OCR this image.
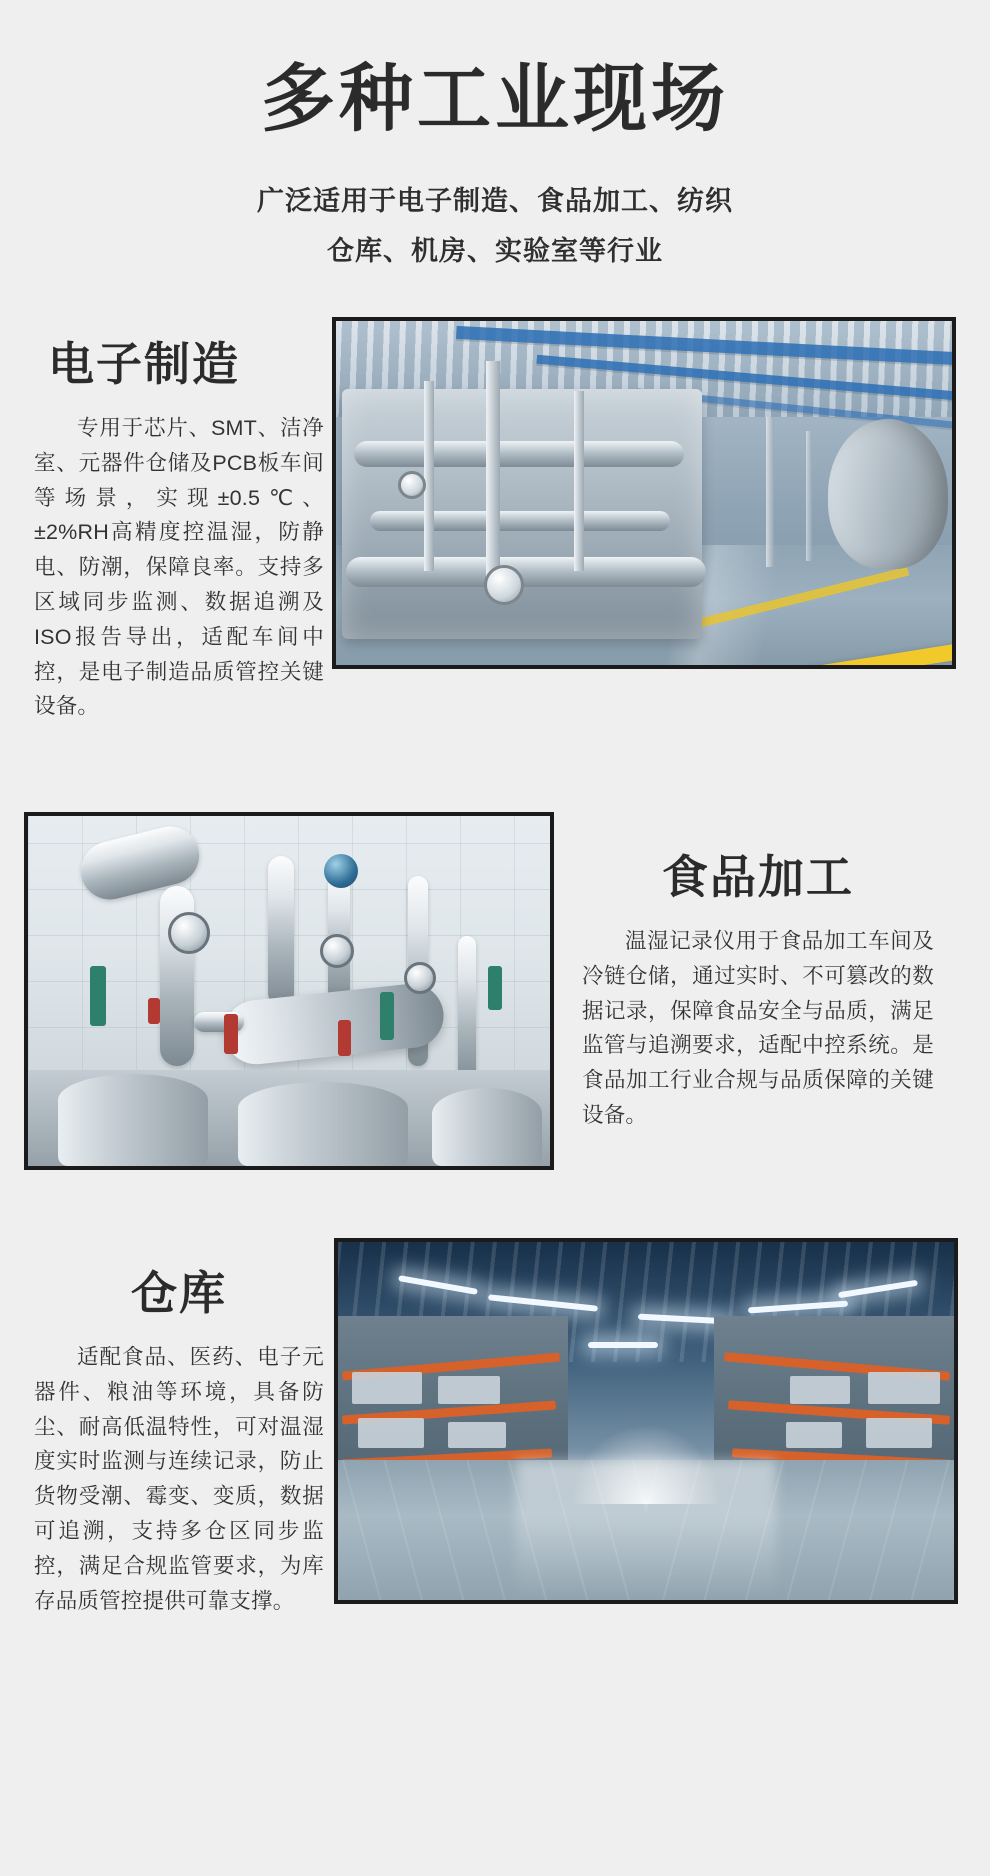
多种工业现场
广泛适用于电子制造、食品加工、纺织
仓库、机房、实验室等行业
电子制造

专用于芯片、SMT、洁净室、元器件仓储及PCB板车间等场景，实现±0.5℃、±2%RH高精度控温湿，防静电、防潮，保障良率。支持多区域同步监测、数据追溯及ISO报告导出，适配车间中控，是电子制造品质管控关键设备。

食品加工

温湿记录仪用于食品加工车间及冷链仓储，通过实时、不可篡改的数据记录，保障食品安全与品质，满足监管与追溯要求，适配中控系统。是食品加工行业合规与品质保障的关键设备。

仓库

适配食品、医药、电子元器件、粮油等环境，具备防尘、耐高低温特性，可对温湿度实时监测与连续记录，防止货物受潮、霉变、变质，数据可追溯，支持多仓区同步监控，满足合规监管要求，为库存品质管控提供可靠支撑。
